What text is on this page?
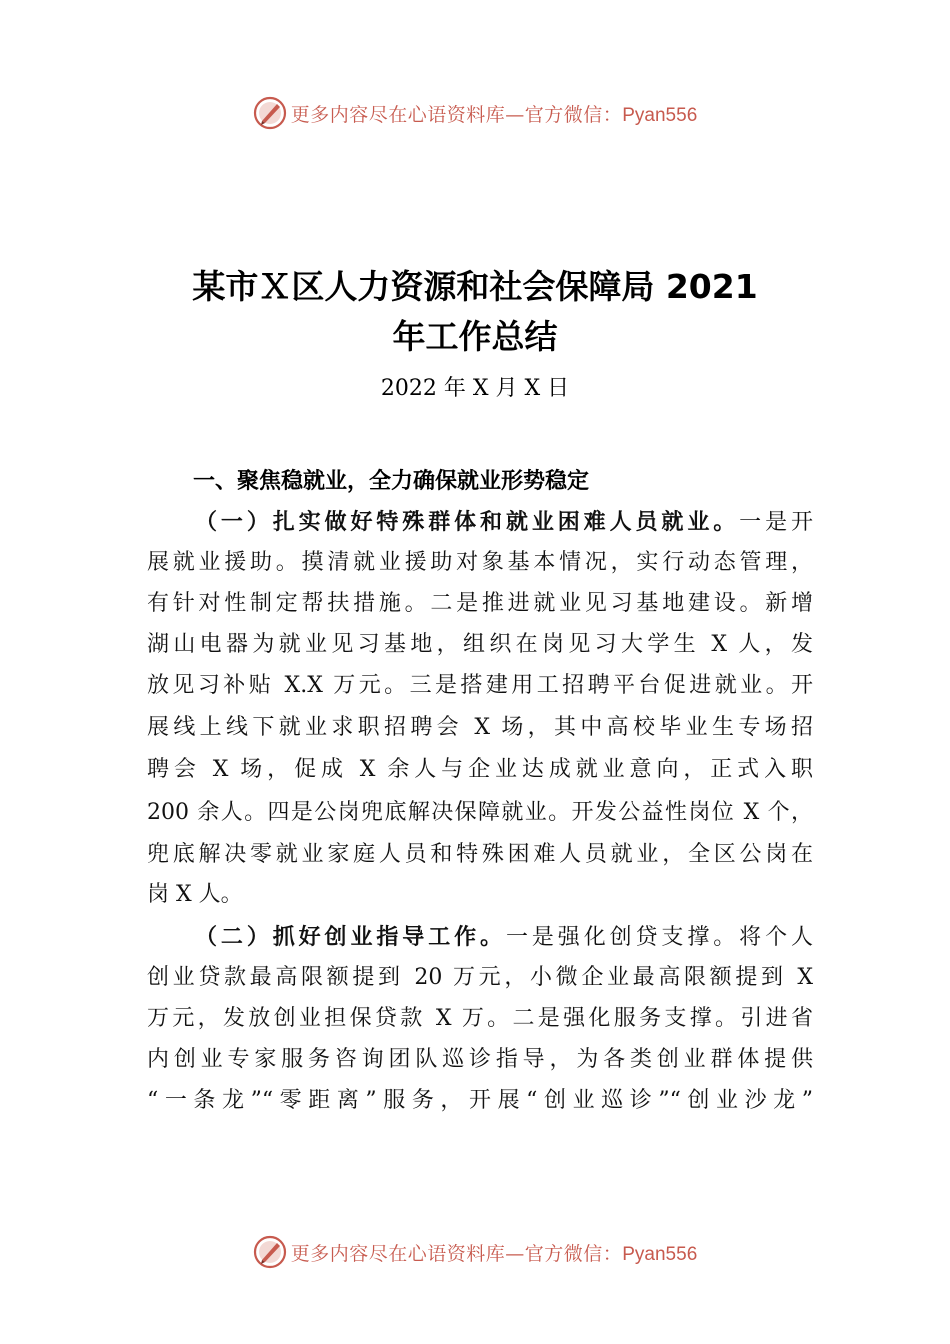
更多内容尽在心语资料库—官方微信：Pyan556
某市Ｘ区人力资源和社会保障局 2021
年工作总结
2022 年 X 月 X 日
一、聚焦稳就业，全力确保就业形势稳定
（一）扎实做好特殊群体和就业困难人员就业。一是开
展就业援助。摸清就业援助对象基本情况，实行动态管理，
有针对性制定帮扶措施。二是推进就业见习基地建设。新增
湖山电器为就业见习基地，组织在岗见习大学生 X 人，发
放见习补贴 X.X 万元。三是搭建用工招聘平台促进就业。开
展线上线下就业求职招聘会 X 场，其中高校毕业生专场招
聘会 X 场，促成 X 余人与企业达成就业意向，正式入职
200 余人。四是公岗兜底解决保障就业。开发公益性岗位 X 个，
兜底解决零就业家庭人员和特殊困难人员就业，全区公岗在
岗 X 人。
（二）抓好创业指导工作。一是强化创贷支撑。将个人
创业贷款最高限额提到 20 万元，小微企业最高限额提到 X
万元，发放创业担保贷款 X 万。二是强化服务支撑。引进省
内创业专家服务咨询团队巡诊指导，为各类创业群体提供
“一条龙”“零距离”服务，开展“创业巡诊”“创业沙龙”
更多内容尽在心语资料库—官方微信：Pyan556
